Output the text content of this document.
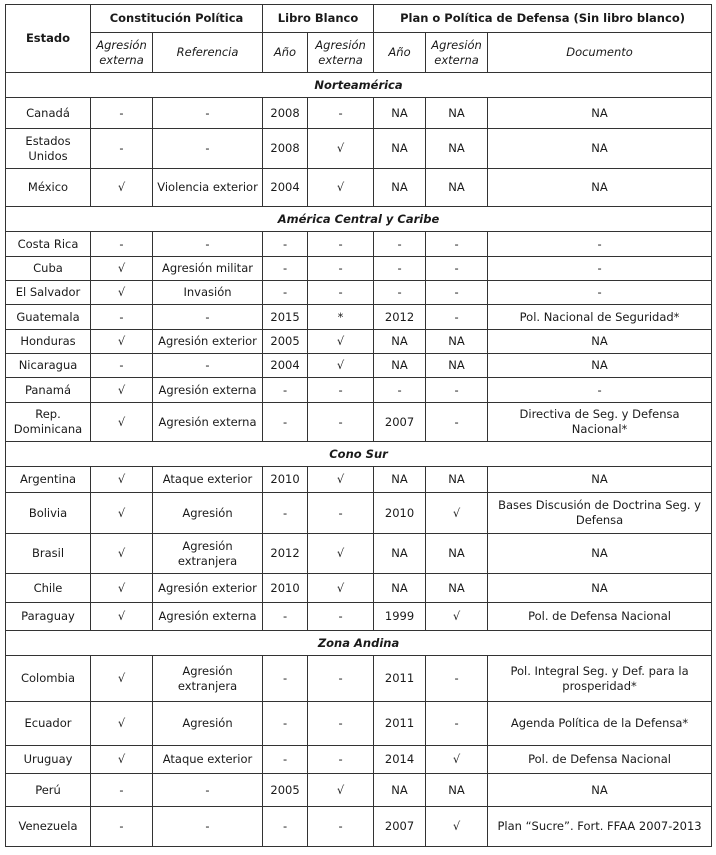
Estado	Constitución Política		Libro Blanco		Plan o Política de Defensa (Sin libro blanco)		
	Agresión externa	Referencia	Año	Agresión externa	Año	Agresión externa	Documento
Norteamérica							
Canadá	-	-	2008	-	NA	NA	NA
Estados Unidos	-	-	2008	√	NA	NA	NA
México	√	Violencia exterior	2004	√	NA	NA	NA
América Central y Caribe							
Costa Rica	-	-	-	-	-	-	-
Cuba	√	Agresión militar	-	-	-	-	-
El Salvador	√	Invasión	-	-	-	-	-
Guatemala	-	-	2015	*	2012	-	Pol. Nacional de Seguridad*
Honduras	√	Agresión exterior	2005	√	NA	NA	NA
Nicaragua	-	-	2004	√	NA	NA	NA
Panamá	√	Agresión externa	-	-	-	-	-
Rep. Dominicana	√	Agresión externa	-	-	2007	-	Directiva de Seg. y Defensa Nacional*
Cono Sur							
Argentina	√	Ataque exterior	2010	√	NA	NA	NA
Bolivia	√	Agresión	-	-	2010	√	Bases Discusión de Doctrina Seg. y Defensa
Brasil	√	Agresión extranjera	2012	√	NA	NA	NA
Chile	√	Agresión exterior	2010	√	NA	NA	NA
Paraguay	√	Agresión externa	-	-	1999	√	Pol. de Defensa Nacional
Zona Andina							
Colombia	√	Agresión extranjera	-	-	2011	-	Pol. Integral Seg. y Def. para la prosperidad*
Ecuador	√	Agresión	-	-	2011	-	Agenda Política de la Defensa*
Uruguay	√	Ataque exterior	-	-	2014	√	Pol. de Defensa Nacional
Perú	-	-	2005	√	NA	NA	NA
Venezuela	-	-	-	-	2007	√	Plan “Sucre”. Fort. FFAA 2007-2013
